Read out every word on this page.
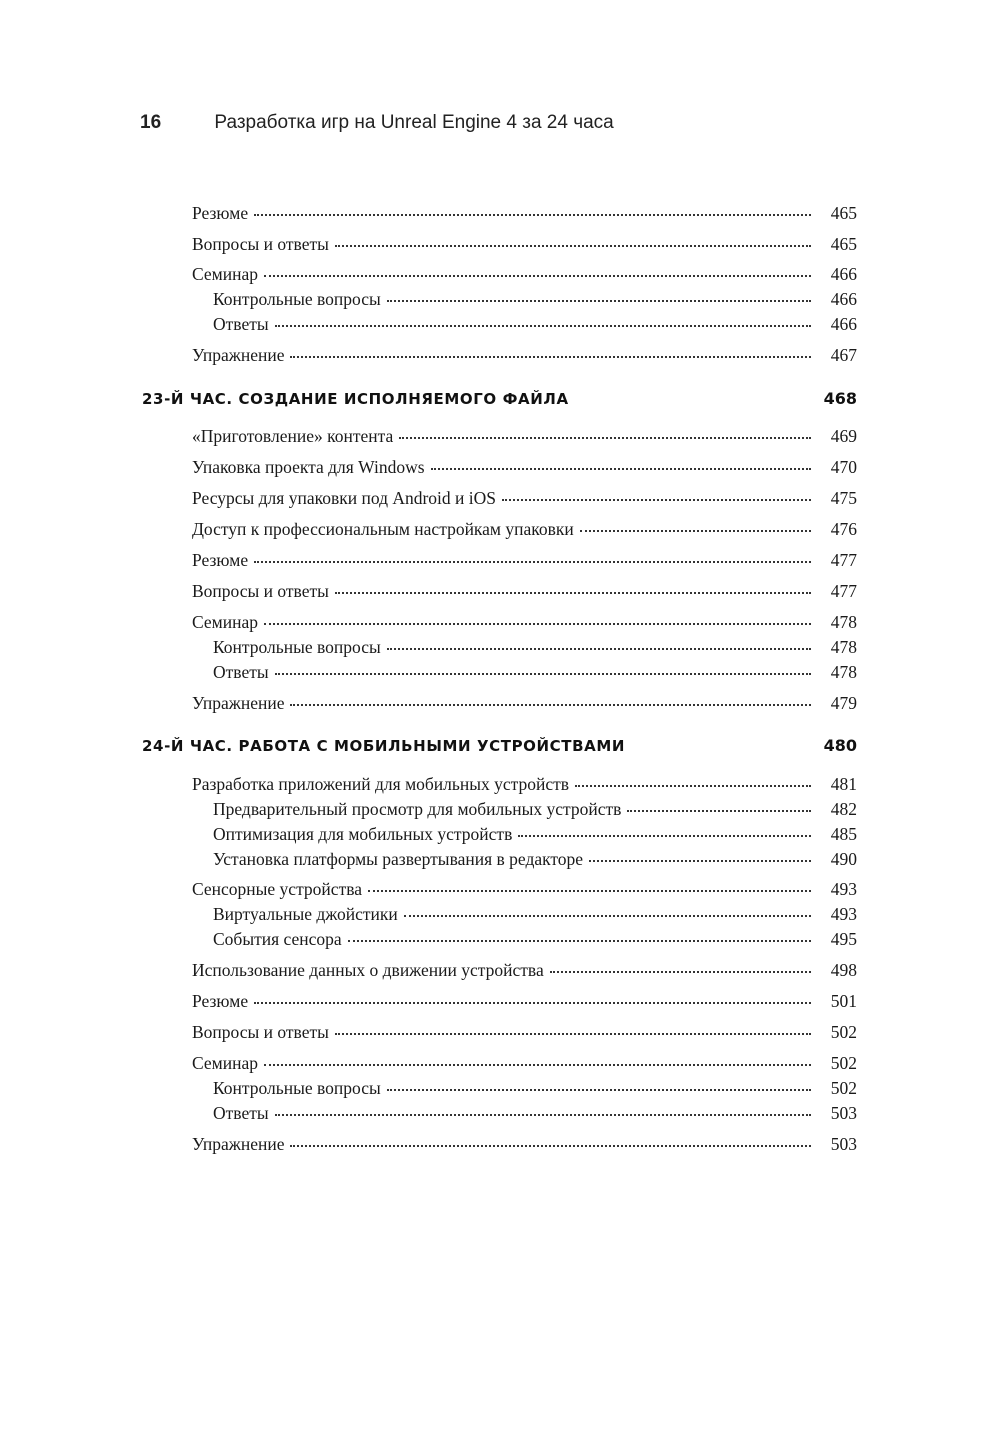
16	Разработка игр на Unreal Engine 4 за 24 часа
Резюме	465
Вопросы и ответы	465
Семинар	466
Контрольные вопросы	466
Ответы	466
Упражнение	467
23-Й ЧАС. СОЗДАНИЕ ИСПОЛНЯЕМОГО ФАЙЛА	468
«Приготовление» контента	469
Упаковка проекта для Windows	470
Ресурсы для упаковки под Android и iOS	475
Доступ к профессиональным настройкам упаковки	476
Резюме	477
Вопросы и ответы	477
Семинар	478
Контрольные вопросы	478
Ответы	478
Упражнение	479
24-Й ЧАС. РАБОТА С МОБИЛЬНЫМИ УСТРОЙСТВАМИ	480
Разработка приложений для мобильных устройств	481
Предварительный просмотр для мобильных устройств	482
Оптимизация для мобильных устройств	485
Установка платформы развертывания в редакторе	490
Сенсорные устройства	493
Виртуальные джойстики	493
События сенсора	495
Использование данных о движении устройства	498
Резюме	501
Вопросы и ответы	502
Семинар	502
Контрольные вопросы	502
Ответы	503
Упражнение	503
